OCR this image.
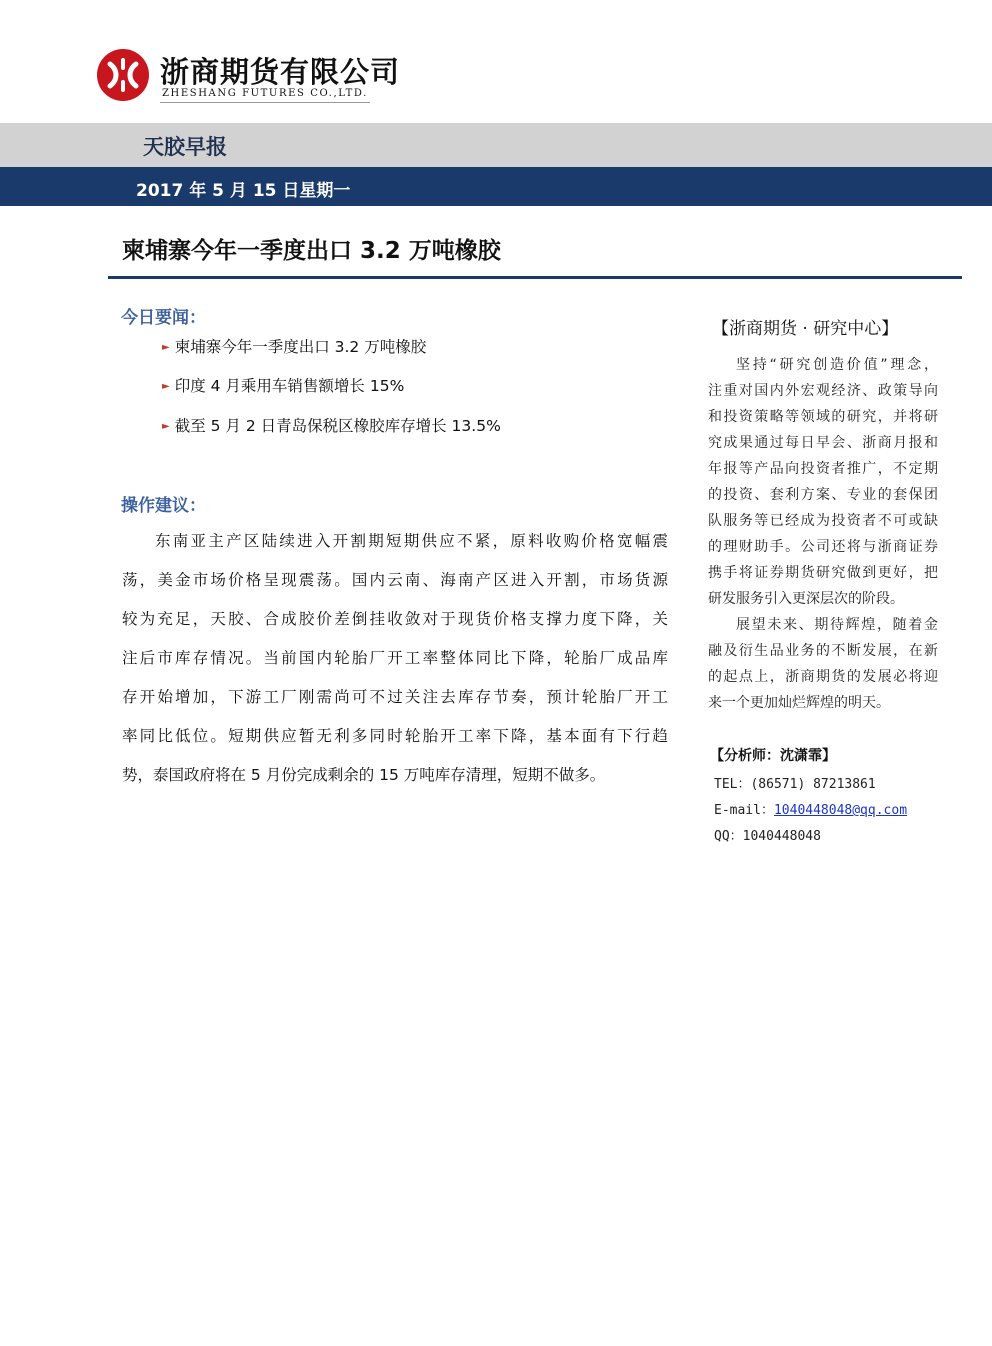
浙商期货有限公司
ZHESHANG FUTURES CO.,LTD.
天胶早报
2017 年 5 月 15 日星期一
柬埔寨今年一季度出口 3.2 万吨橡胶
今日要闻：
► 柬埔寨今年一季度出口 3.2 万吨橡胶
► 印度 4 月乘用车销售额增长 15%
► 截至 5 月 2 日青岛保税区橡胶库存增长 13.5%
操作建议：
东南亚主产区陆续进入开割期短期供应不紧，原料收购价格宽幅震
荡，美金市场价格呈现震荡。国内云南、海南产区进入开割，市场货源
较为充足，天胶、合成胶价差倒挂收敛对于现货价格支撑力度下降，关
注后市库存情况。当前国内轮胎厂开工率整体同比下降，轮胎厂成品库
存开始增加，下游工厂刚需尚可不过关注去库存节奏，预计轮胎厂开工
率同比低位。短期供应暂无利多同时轮胎开工率下降，基本面有下行趋
势，泰国政府将在 5 月份完成剩余的 15 万吨库存清理，短期不做多。
【浙商期货 · 研究中心】
坚持“研究创造价值”理念，
注重对国内外宏观经济、政策导向
和投资策略等领域的研究，并将研
究成果通过每日早会、浙商月报和
年报等产品向投资者推广，不定期
的投资、套利方案、专业的套保团
队服务等已经成为投资者不可或缺
的理财助手。公司还将与浙商证券
携手将证券期货研究做到更好，把
研发服务引入更深层次的阶段。
展望未来、期待辉煌，随着金
融及衍生品业务的不断发展，在新
的起点上，浙商期货的发展必将迎
来一个更加灿烂辉煌的明天。
【分析师：沈潇霏】
TEL：(86571) 87213861
E-mail：1040448048@qq.com
QQ：1040448048
